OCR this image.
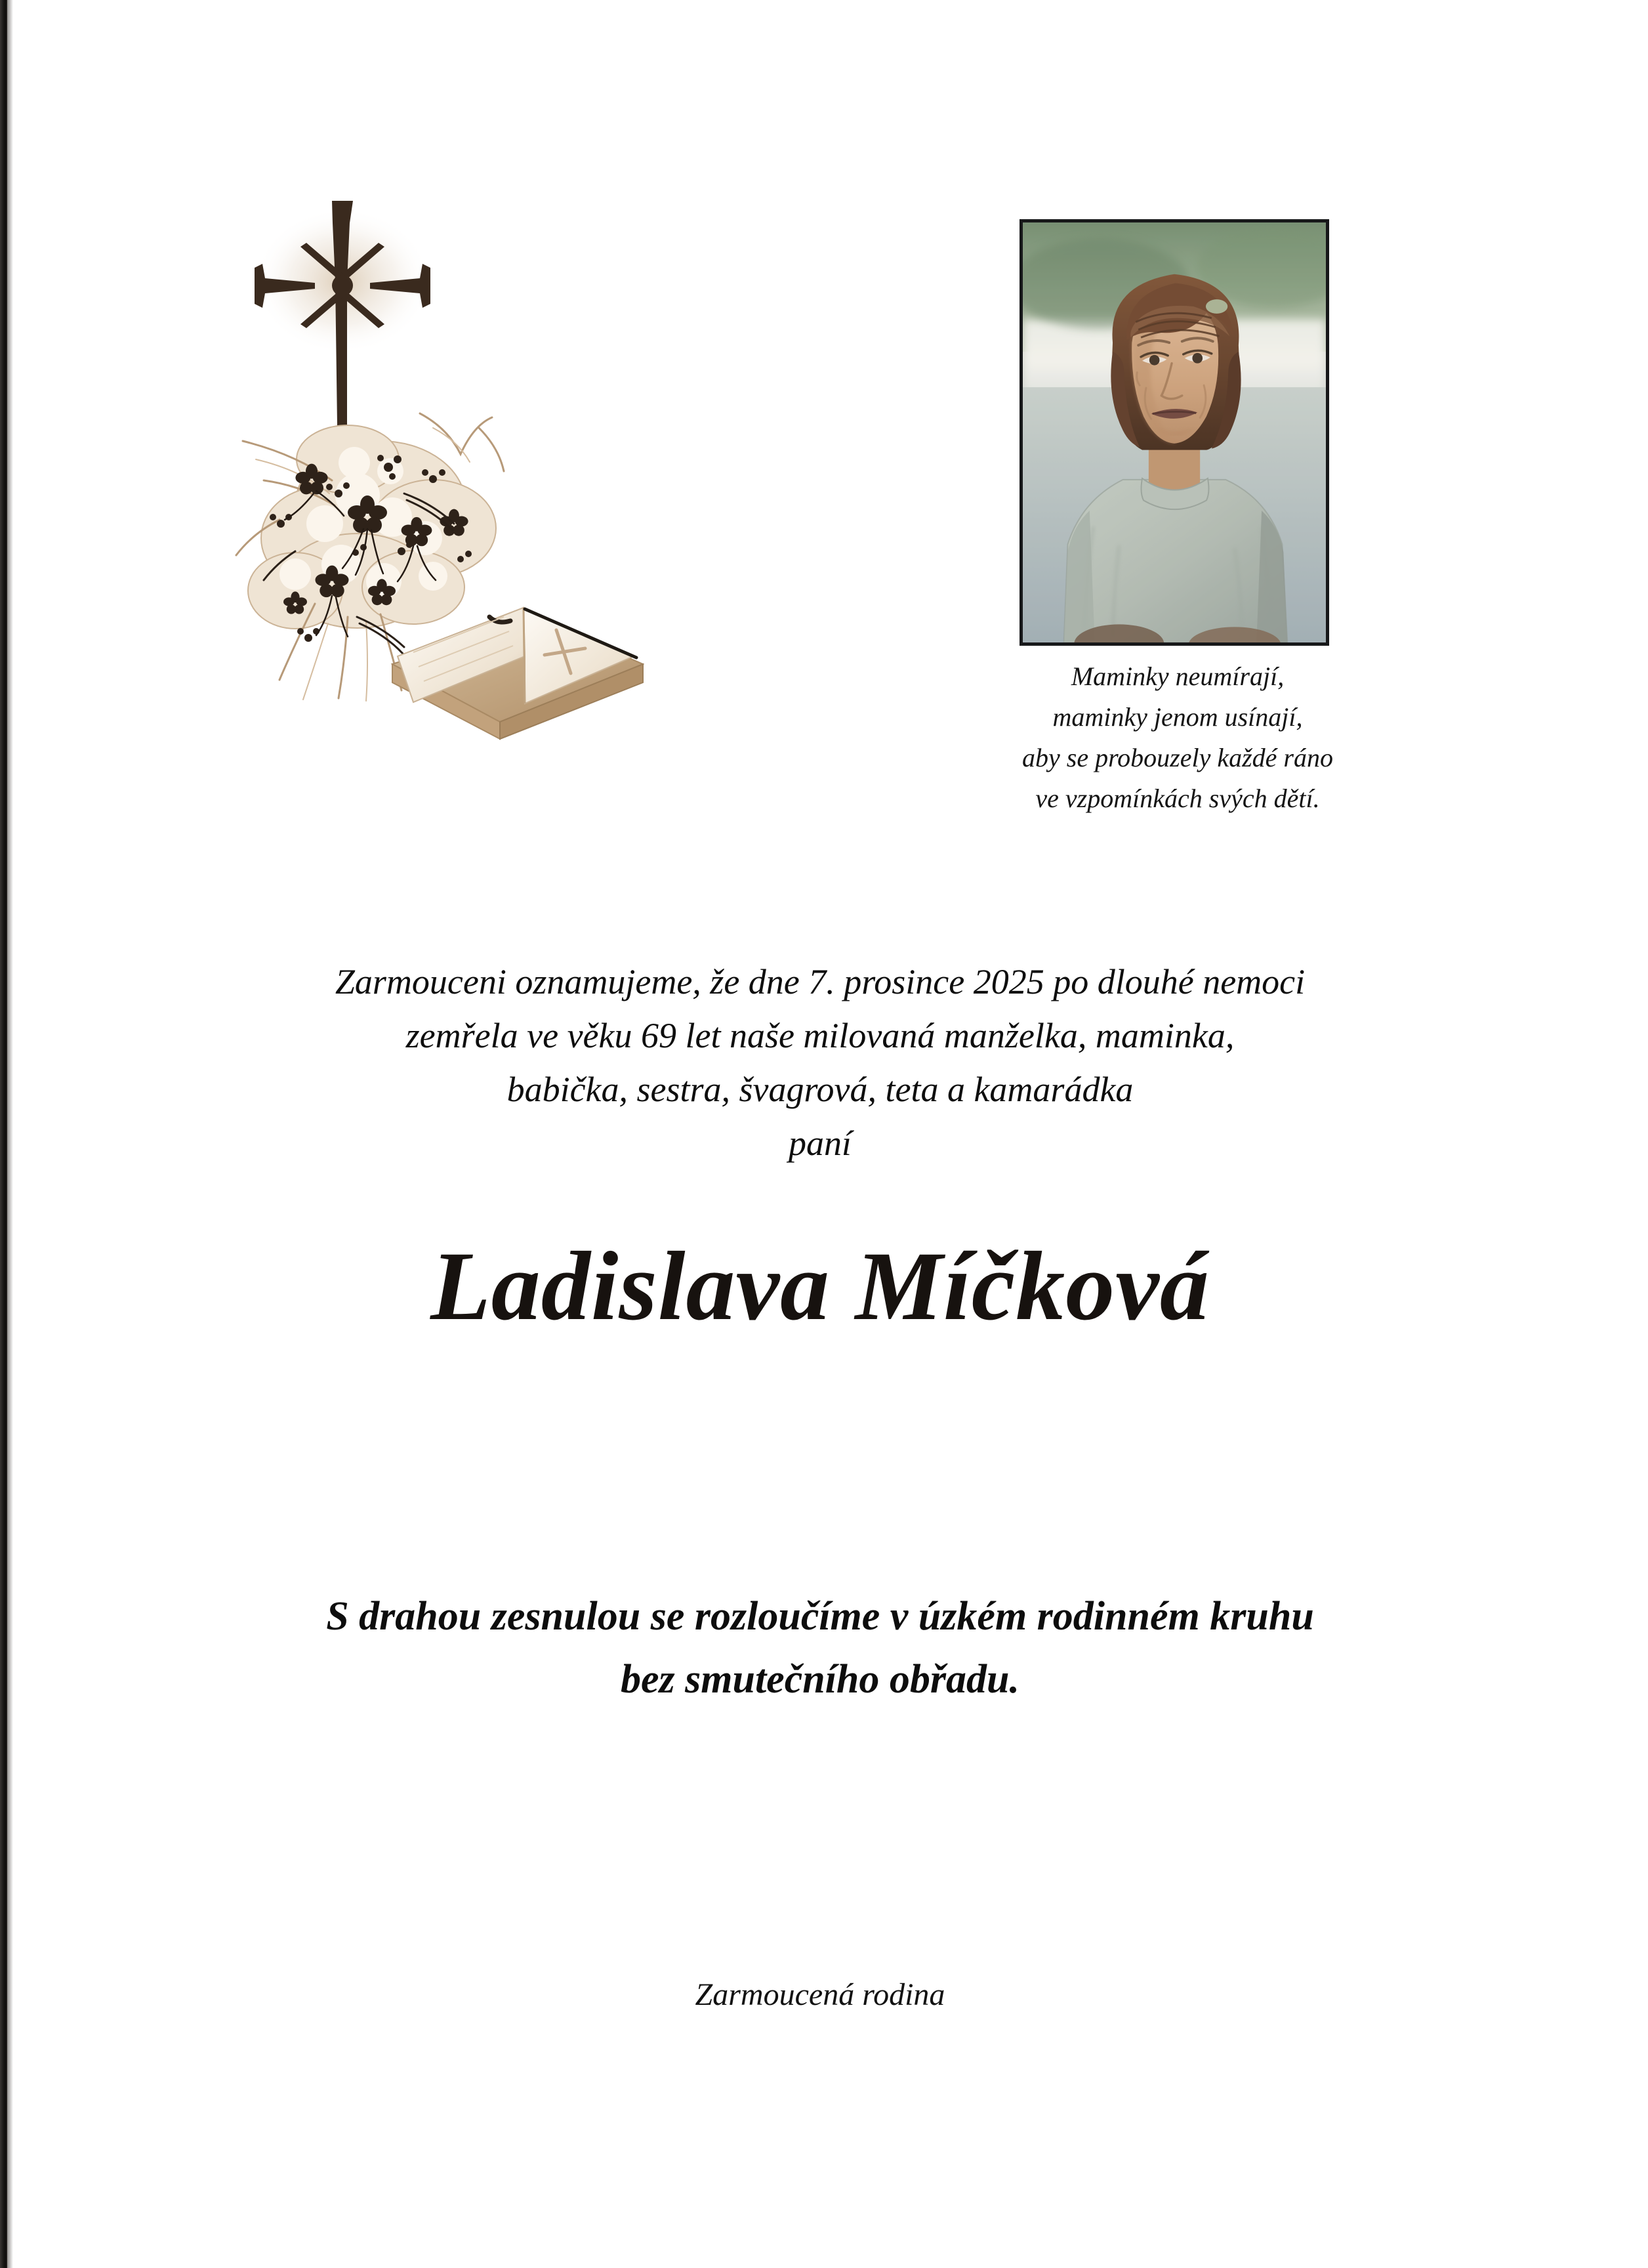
Maminky neumírají,
maminky jenom usínají,
aby se probouzely každé ráno
ve vzpomínkách svých dětí.
Zarmouceni oznamujeme, že dne 7. prosince 2025 po dlouhé nemoci
zemřela ve věku 69 let naše milovaná manželka, maminka,
babička, sestra, švagrová, teta a kamarádka
paní
Ladislava Míčková
S drahou zesnulou se rozloučíme v úzkém rodinném kruhu
bez smutečního obřadu.
Zarmoucená rodina
